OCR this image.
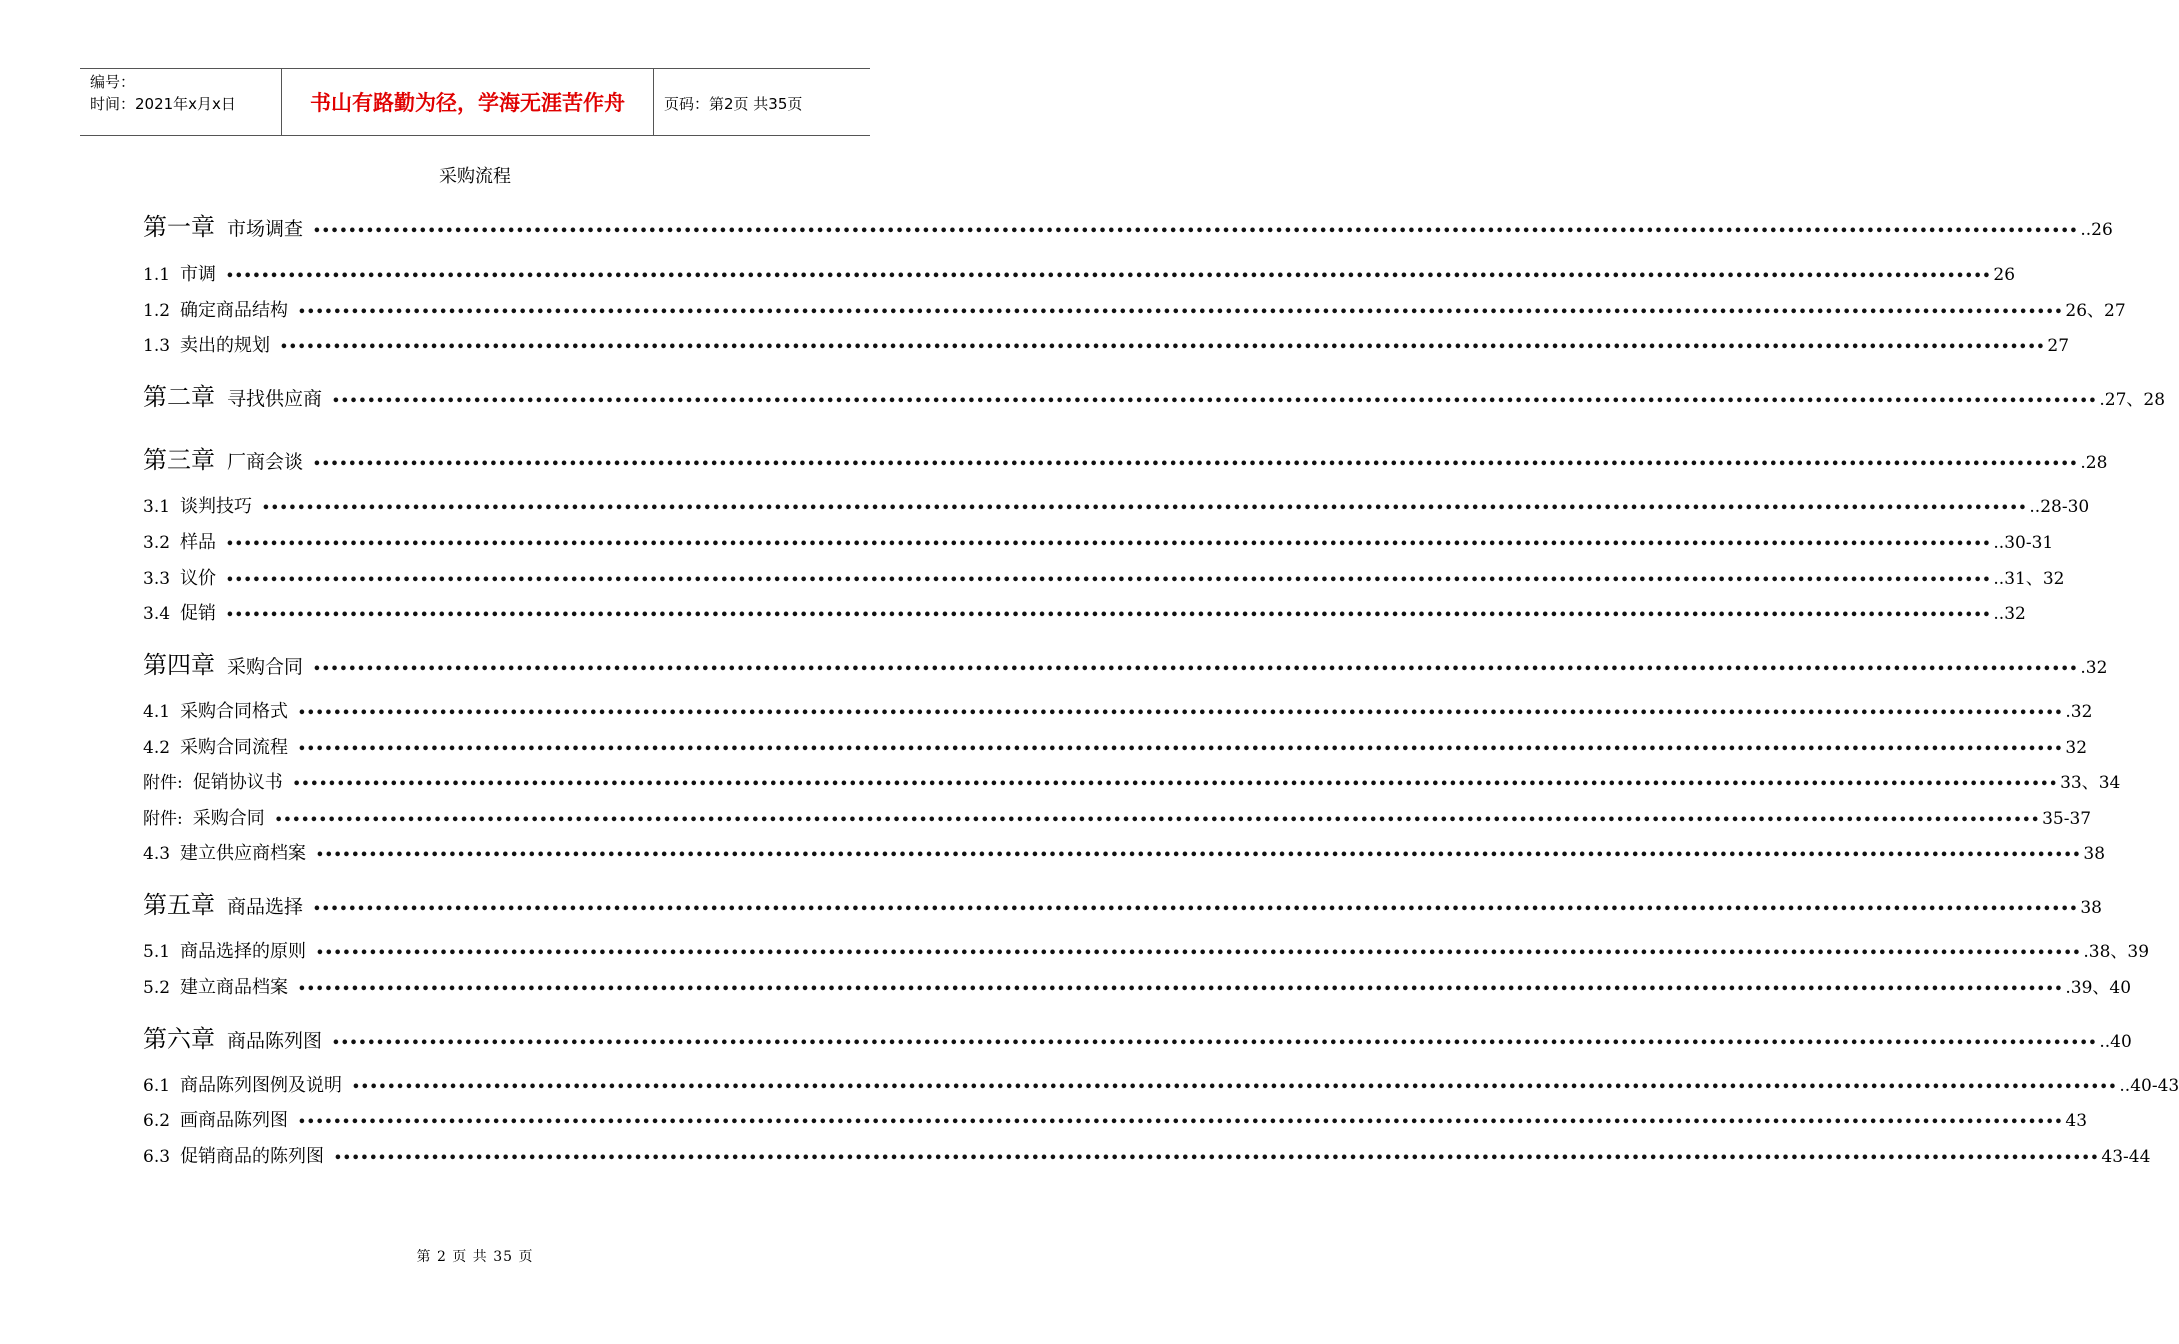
编号：
时间：2021年x月x日	书山有路勤为径，学海无涯苦作舟	页码：第2页 共35页
采购流程
第一章 市场调查 •••••••••••••••••••••••••••••••••••••••••••••••••••••••••••••••••••••••••••••••••••••••••••••••••••••••••••••••••••••••••••••••••••••••••••••••••••••••••••••••••••••••••••••••••••••••••••••••••••••••• ..26
1.1 市调 •••••••••••••••••••••••••••••••••••••••••••••••••••••••••••••••••••••••••••••••••••••••••••••••••••••••••••••••••••••••••••••••••••••••••••••••••••••••••••••••••••••••••••••••••••••••••••••••••••••••• 26
1.2 确定商品结构 •••••••••••••••••••••••••••••••••••••••••••••••••••••••••••••••••••••••••••••••••••••••••••••••••••••••••••••••••••••••••••••••••••••••••••••••••••••••••••••••••••••••••••••••••••••••••••••••••••••••• 26、27
1.3 卖出的规划 •••••••••••••••••••••••••••••••••••••••••••••••••••••••••••••••••••••••••••••••••••••••••••••••••••••••••••••••••••••••••••••••••••••••••••••••••••••••••••••••••••••••••••••••••••••••••••••••••••••••• 27
第二章 寻找供应商 •••••••••••••••••••••••••••••••••••••••••••••••••••••••••••••••••••••••••••••••••••••••••••••••••••••••••••••••••••••••••••••••••••••••••••••••••••••••••••••••••••••••••••••••••••••••••••••••••••••••• .27、28
第三章 厂商会谈 •••••••••••••••••••••••••••••••••••••••••••••••••••••••••••••••••••••••••••••••••••••••••••••••••••••••••••••••••••••••••••••••••••••••••••••••••••••••••••••••••••••••••••••••••••••••••••••••••••••••• .28
3.1 谈判技巧 •••••••••••••••••••••••••••••••••••••••••••••••••••••••••••••••••••••••••••••••••••••••••••••••••••••••••••••••••••••••••••••••••••••••••••••••••••••••••••••••••••••••••••••••••••••••••••••••••••••••• ..28-30
3.2 样品 •••••••••••••••••••••••••••••••••••••••••••••••••••••••••••••••••••••••••••••••••••••••••••••••••••••••••••••••••••••••••••••••••••••••••••••••••••••••••••••••••••••••••••••••••••••••••••••••••••••••• ..30-31
3.3 议价 •••••••••••••••••••••••••••••••••••••••••••••••••••••••••••••••••••••••••••••••••••••••••••••••••••••••••••••••••••••••••••••••••••••••••••••••••••••••••••••••••••••••••••••••••••••••••••••••••••••••• ..31、32
3.4 促销 •••••••••••••••••••••••••••••••••••••••••••••••••••••••••••••••••••••••••••••••••••••••••••••••••••••••••••••••••••••••••••••••••••••••••••••••••••••••••••••••••••••••••••••••••••••••••••••••••••••••• ..32
第四章 采购合同 •••••••••••••••••••••••••••••••••••••••••••••••••••••••••••••••••••••••••••••••••••••••••••••••••••••••••••••••••••••••••••••••••••••••••••••••••••••••••••••••••••••••••••••••••••••••••••••••••••••••• .32
4.1 采购合同格式 •••••••••••••••••••••••••••••••••••••••••••••••••••••••••••••••••••••••••••••••••••••••••••••••••••••••••••••••••••••••••••••••••••••••••••••••••••••••••••••••••••••••••••••••••••••••••••••••••••••••• .32
4.2 采购合同流程 •••••••••••••••••••••••••••••••••••••••••••••••••••••••••••••••••••••••••••••••••••••••••••••••••••••••••••••••••••••••••••••••••••••••••••••••••••••••••••••••••••••••••••••••••••••••••••••••••••••••• 32
附件: 促销协议书 •••••••••••••••••••••••••••••••••••••••••••••••••••••••••••••••••••••••••••••••••••••••••••••••••••••••••••••••••••••••••••••••••••••••••••••••••••••••••••••••••••••••••••••••••••••••••••••••••••••••• 33、34
附件: 采购合同 •••••••••••••••••••••••••••••••••••••••••••••••••••••••••••••••••••••••••••••••••••••••••••••••••••••••••••••••••••••••••••••••••••••••••••••••••••••••••••••••••••••••••••••••••••••••••••••••••••••••• 35-37
4.3 建立供应商档案 •••••••••••••••••••••••••••••••••••••••••••••••••••••••••••••••••••••••••••••••••••••••••••••••••••••••••••••••••••••••••••••••••••••••••••••••••••••••••••••••••••••••••••••••••••••••••••••••••••••••• 38
第五章 商品选择 •••••••••••••••••••••••••••••••••••••••••••••••••••••••••••••••••••••••••••••••••••••••••••••••••••••••••••••••••••••••••••••••••••••••••••••••••••••••••••••••••••••••••••••••••••••••••••••••••••••••• 38
5.1 商品选择的原则 •••••••••••••••••••••••••••••••••••••••••••••••••••••••••••••••••••••••••••••••••••••••••••••••••••••••••••••••••••••••••••••••••••••••••••••••••••••••••••••••••••••••••••••••••••••••••••••••••••••••• .38、39
5.2 建立商品档案 •••••••••••••••••••••••••••••••••••••••••••••••••••••••••••••••••••••••••••••••••••••••••••••••••••••••••••••••••••••••••••••••••••••••••••••••••••••••••••••••••••••••••••••••••••••••••••••••••••••••• .39、40
第六章 商品陈列图 •••••••••••••••••••••••••••••••••••••••••••••••••••••••••••••••••••••••••••••••••••••••••••••••••••••••••••••••••••••••••••••••••••••••••••••••••••••••••••••••••••••••••••••••••••••••••••••••••••••••• ..40
6.1 商品陈列图例及说明 •••••••••••••••••••••••••••••••••••••••••••••••••••••••••••••••••••••••••••••••••••••••••••••••••••••••••••••••••••••••••••••••••••••••••••••••••••••••••••••••••••••••••••••••••••••••••••••••••••••••• ..40-43
6.2 画商品陈列图 •••••••••••••••••••••••••••••••••••••••••••••••••••••••••••••••••••••••••••••••••••••••••••••••••••••••••••••••••••••••••••••••••••••••••••••••••••••••••••••••••••••••••••••••••••••••••••••••••••••••• 43
6.3 促销商品的陈列图 •••••••••••••••••••••••••••••••••••••••••••••••••••••••••••••••••••••••••••••••••••••••••••••••••••••••••••••••••••••••••••••••••••••••••••••••••••••••••••••••••••••••••••••••••••••••••••••••••••••••• 43-44
第 2 页 共 35 页
